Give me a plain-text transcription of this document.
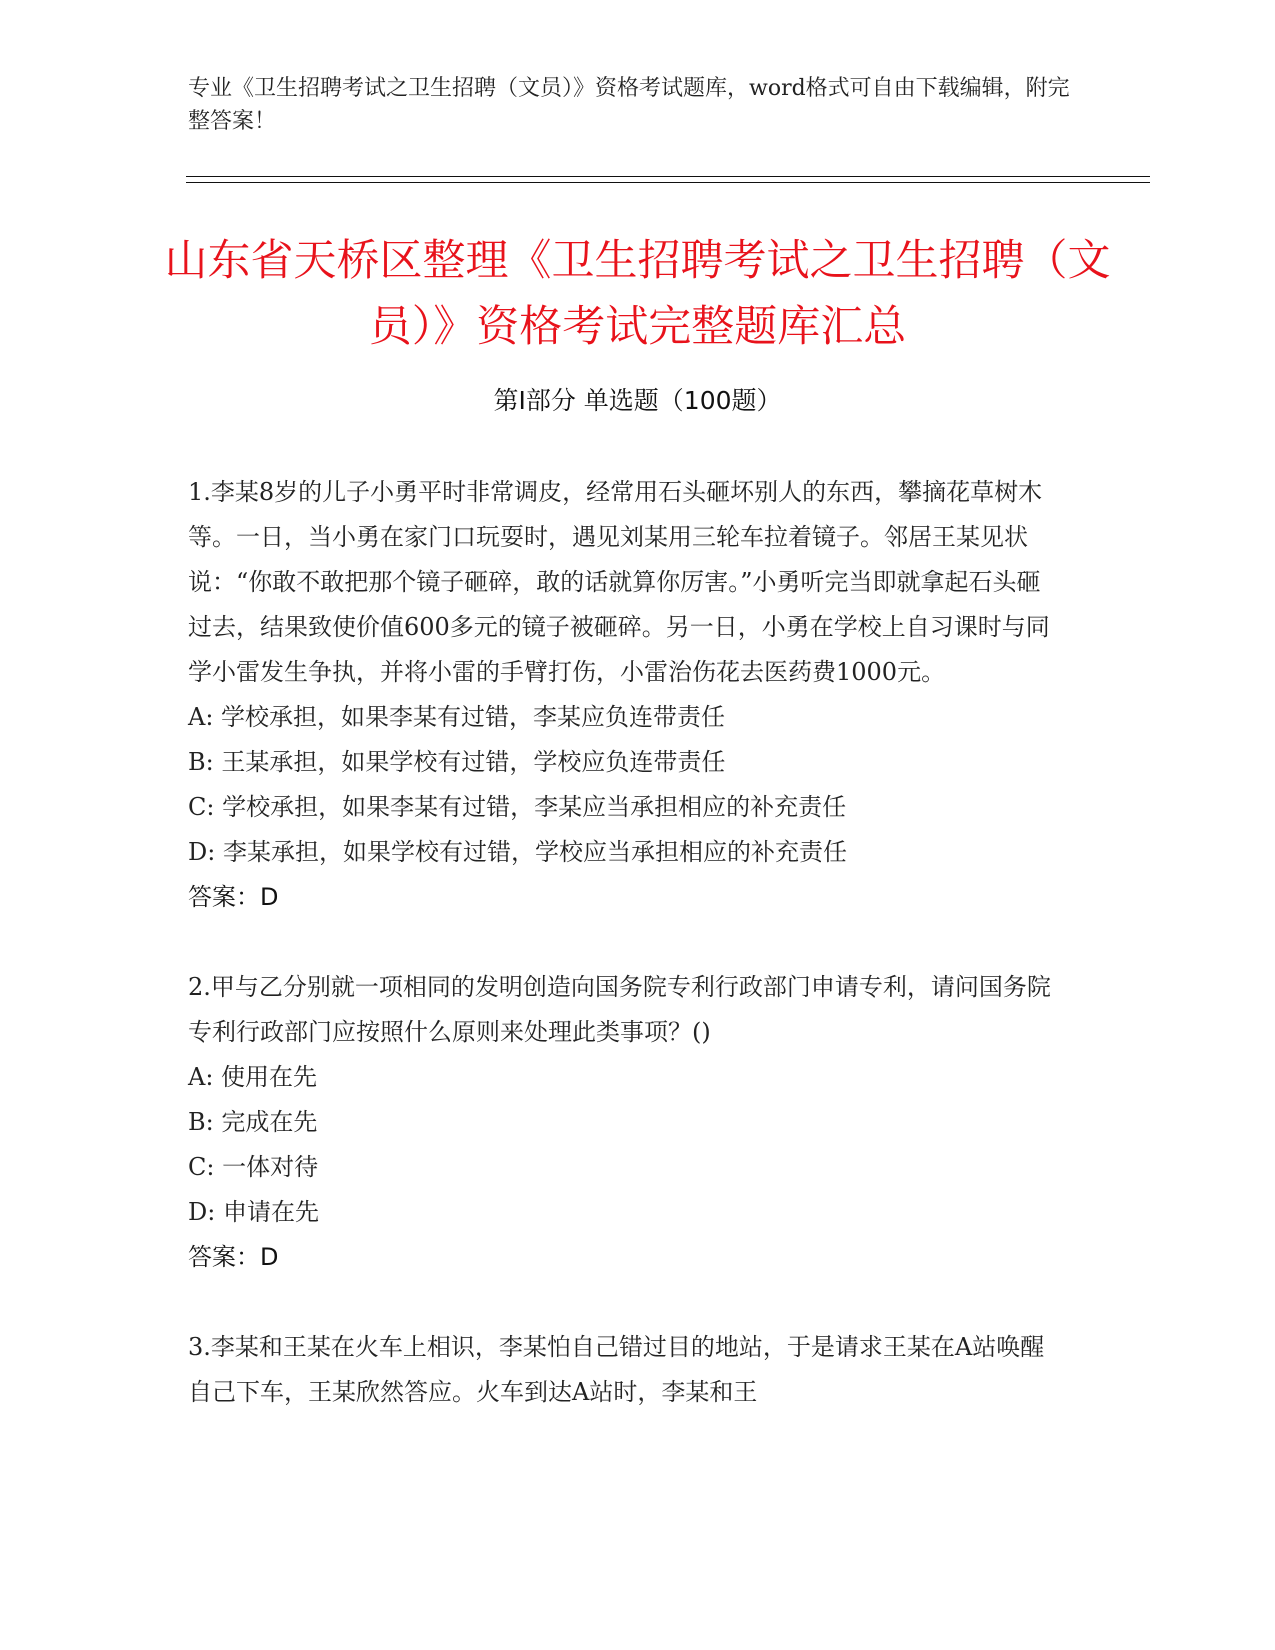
专业《卫生招聘考试之卫生招聘（文员）》资格考试题库，word格式可自由下载编辑，附完整答案！
山东省天桥区整理《卫生招聘考试之卫生招聘（文员）》资格考试完整题库汇总
第I部分 单选题（100题）

1.李某8岁的儿子小勇平时非常调皮，经常用石头砸坏别人的东西，攀摘花草树木等。一日，当小勇在家门口玩耍时，遇见刘某用三轮车拉着镜子。邻居王某见状说：“你敢不敢把那个镜子砸碎，敢的话就算你厉害。”小勇听完当即就拿起石头砸过去，结果致使价值600多元的镜子被砸碎。另一日，小勇在学校上自习课时与同学小雷发生争执，并将小雷的手臂打伤，小雷治伤花去医药费1000元。

A: 学校承担，如果李某有过错，李某应负连带责任

B: 王某承担，如果学校有过错，学校应负连带责任

C: 学校承担，如果李某有过错，李某应当承担相应的补充责任

D: 李某承担，如果学校有过错，学校应当承担相应的补充责任

答案：D

2.甲与乙分别就一项相同的发明创造向国务院专利行政部门申请专利，请问国务院专利行政部门应按照什么原则来处理此类事项？()

A: 使用在先

B: 完成在先

C: 一体对待

D: 申请在先

答案：D

3.李某和王某在火车上相识，李某怕自己错过目的地站，于是请求王某在A站唤醒自己下车，王某欣然答应。火车到达A站时，李某和王
